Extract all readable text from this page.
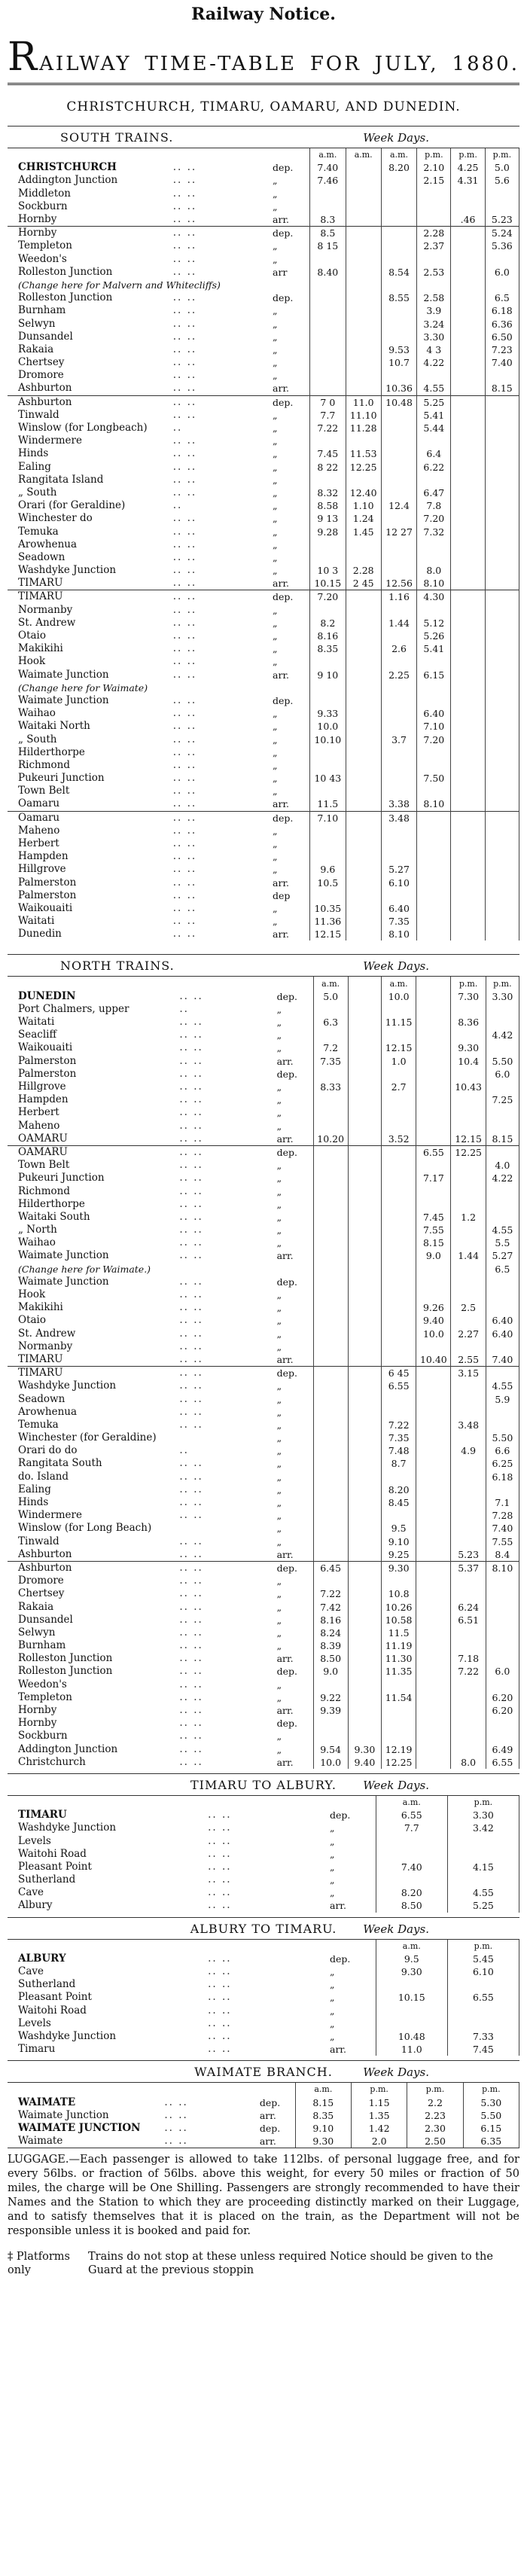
Railway Notice.
RAILWAY TIME-TABLE FOR JULY, 1880.
CHRISTCHURCH, TIMARU, OAMARU, AND DUNEDIN.
SOUTH TRAINS.	Week Days.
			a.m.	a.m.	a.m.	p.m.	p.m.	p.m.
CHRISTCHURCH	.. ..	dep.	7.40		8.20	2.10	4.25	5.0
Addington Junction	.. ..	„	7.46			2.15	4.31	5.6
Middleton	.. ..	„						
Sockburn	.. ..	„						
Hornby	.. ..	arr.	8.3				.46	5.23
Hornby	.. ..	dep.	8.5			2.28		5.24
Templeton	.. ..	„	8 15			2.37		5.36
Weedon's	.. ..	„						
Rolleston Junction	.. ..	arr	8.40		8.54	2.53		6.0
(Change here for Malvern and Whitecliffs)								
Rolleston Junction	.. ..	dep.			8.55	2.58		6.5
Burnham	.. ..	„				3.9		6.18
Selwyn	.. ..	„				3.24		6.36
Dunsandel	.. ..	„				3.30		6.50
Rakaia	.. ..	„			9.53	4 3		7.23
Chertsey	.. ..	„			10.7	4.22		7.40
Dromore	.. ..	„						
Ashburton	.. ..	arr.			10.36	4.55		8.15
Ashburton	.. ..	dep.	7 0	11.0	10.48	5.25		
Tinwald	.. ..	„	7.7	11.10		5.41		
Winslow (for Longbeach)	..	„	7.22	11.28		5.44		
Windermere	.. ..	„						
Hinds	.. ..	„	7.45	11.53		6.4		
Ealing	.. ..	„	8 22	12.25		6.22		
Rangitata Island	.. ..	„						
„ South	.. ..	„	8.32	12.40		6.47		
Orari (for Geraldine)	..	„	8.58	1.10	12.4	7.8		
Winchester do	.. ..	„	9 13	1.24		7.20		
Temuka	.. ..	„	9.28	1.45	12 27	7.32		
Arowhenua	.. ..	„						
Seadown	.. ..	„						
Washdyke Junction	.. ..	„	10 3	2.28		8.0		
TIMARU	.. ..	arr.	10.15	2 45	12.56	8.10		
TIMARU	.. ..	dep.	7.20		1.16	4.30		
Normanby	.. ..	„						
St. Andrew	.. ..	„	8.2		1.44	5.12		
Otaio	.. ..	„	8.16			5.26		
Makikihi	.. ..	„	8.35		2.6	5.41		
Hook	.. ..	„						
Waimate Junction	.. ..	arr.	9 10		2.25	6.15		
(Change here for Waimate)								
Waimate Junction	.. ..	dep.						
Waihao	.. ..	„	9.33			6.40		
Waitaki North	.. ..	„	10.0			7.10		
„ South	.. ..	„	10.10		3.7	7.20		
Hilderthorpe	.. ..	„						
Richmond	.. ..	„						
Pukeuri Junction	.. ..	„	10 43			7.50		
Town Belt	.. ..	„						
Oamaru	.. ..	arr.	11.5		3.38	8.10		
Oamaru	.. ..	dep.	7.10		3.48			
Maheno	.. ..	„						
Herbert	.. ..	„						
Hampden	.. ..	„						
Hillgrove	.. ..	„	9.6		5.27			
Palmerston	.. ..	arr.	10.5		6.10			
Palmerston	.. ..	dep						
Waikouaiti	.. ..	„	10.35		6.40			
Waitati	.. ..	„	11.36		7.35			
Dunedin	.. ..	arr.	12.15		8.10			
NORTH TRAINS.	Week Days.
			a.m.		a.m.		p.m.	p.m.
DUNEDIN	.. ..	dep.	5.0		10.0		7.30	3.30
Port Chalmers, upper	..	„						
Waitati	.. ..	„	6.3		11.15		8.36	
Seacliff	.. ..	„						4.42
Waikouaiti	.. ..	„	7.2		12.15		9.30	
Palmerston	.. ..	arr.	7.35		1.0		10.4	5.50
Palmerston	.. ..	dep.						6.0
Hillgrove	.. ..	„	8.33		2.7		10.43	
Hampden	.. ..	„						7.25
Herbert	.. ..	„						
Maheno	.. ..	„						
OAMARU	.. ..	arr.	10.20		3.52		12.15	8.15
OAMARU	.. ..	dep.				6.55	12.25	
Town Belt	.. ..	„						4.0
Pukeuri Junction	.. ..	„				7.17		4.22
Richmond	.. ..	„						
Hilderthorpe	.. ..	„						
Waitaki South	.. ..	„				7.45	1.2	
„ North	.. ..	„				7.55		4.55
Waihao	.. ..	„				8.15		5.5
Waimate Junction	.. ..	arr.				9.0	1.44	5.27
(Change here for Waimate.)								6.5
Waimate Junction	.. ..	dep.						
Hook	.. ..	„						
Makikihi	.. ..	„				9.26	2.5	
Otaio	.. ..	„				9.40		6.40
St. Andrew	.. ..	„				10.0	2.27	6.40
Normanby	.. ..	„						
TIMARU	.. ..	arr.				10.40	2.55	7.40
TIMARU	.. ..	dep.			6 45		3.15	
Washdyke Junction	.. ..	„			6.55			4.55
Seadown	.. ..	„						5.9
Arowhenua	.. ..	„						
Temuka	.. ..	„			7.22		3.48	
Winchester (for Geraldine)		„			7.35			5.50
Orari do do	..	„			7.48		4.9	6.6
Rangitata South	.. ..	„			8.7			6.25
do. Island	.. ..	„						6.18
Ealing	.. ..	„			8.20			
Hinds	.. ..	„			8.45			7.1
Windermere	.. ..	„						7.28
Winslow (for Long Beach)		„			9.5			7.40
Tinwald	.. ..	„			9.10			7.55
Ashburton	.. ..	arr.			9.25		5.23	8.4
Ashburton	.. ..	dep.	6.45		9.30		5.37	8.10
Dromore	.. ..	„						
Chertsey	.. ..	„	7.22		10.8			
Rakaia	.. ..	„	7.42		10.26		6.24	
Dunsandel	.. ..	„	8.16		10.58		6.51	
Selwyn	.. ..	„	8.24		11.5			
Burnham	.. ..	„	8.39		11.19			
Rolleston Junction	.. ..	arr.	8.50		11.30		7.18	
Rolleston Junction	.. ..	dep.	9.0		11.35		7.22	6.0
Weedon's	.. ..	„						
Templeton	.. ..	„	9.22		11.54			6.20
Hornby	.. ..	arr.	9.39					6.20
Hornby	.. ..	dep.						
Sockburn	.. ..	„						
Addington Junction	.. ..	„	9.54	9.30	12.19			6.49
Christchurch	.. ..	arr.	10.0	9.40	12.25		8.0	6.55
TIMARU TO ALBURY.	Week Days.
			a.m.	p.m.
TIMARU	.. ..	dep.	6.55	3.30
Washdyke Junction	.. ..	„	7.7	3.42
Levels	.. ..	„		
Waitohi Road	.. ..	„		
Pleasant Point	.. ..	„	7.40	4.15
Sutherland	.. ..	„		
Cave	.. ..	„	8.20	4.55
Albury	.. ..	arr.	8.50	5.25
ALBURY TO TIMARU.	Week Days.
			a.m.	p.m.
ALBURY	.. ..	dep.	9.5	5.45
Cave	.. ..	„	9.30	6.10
Sutherland	.. ..	„		
Pleasant Point	.. ..	„	10.15	6.55
Waitohi Road	.. ..	„		
Levels	.. ..	„		
Washdyke Junction	.. ..	„	10.48	7.33
Timaru	.. ..	arr.	11.0	7.45
WAIMATE BRANCH.	Week Days.
			a.m.	p.m.	p.m.	p.m.
WAIMATE	.. ..	dep.	8.15	1.15	2.2	5.30
Waimate Junction	.. ..	arr.	8.35	1.35	2.23	5.50
WAIMATE JUNCTION	.. ..	dep.	9.10	1.42	2.30	6.15
Waimate	.. ..	arr.	9.30	2.0	2.50	6.35

LUGGAGE.—Each passenger is allowed to take 112lbs. of personal luggage free, and for every 56lbs. or fraction of 56lbs. above this weight, for every 50 miles or fraction of 50 miles, the charge will be One Shilling. Passengers are strongly recommended to have their Names and the Station to which they are proceeding distinctly marked on their Luggage, and to satisfy themselves that it is placed on the train, as the Department will not be responsible unless it is booked and paid for.

‡ Platforms only
Trains do not stop at these unless required Notice should be given to the Guard at the previous stoppin
